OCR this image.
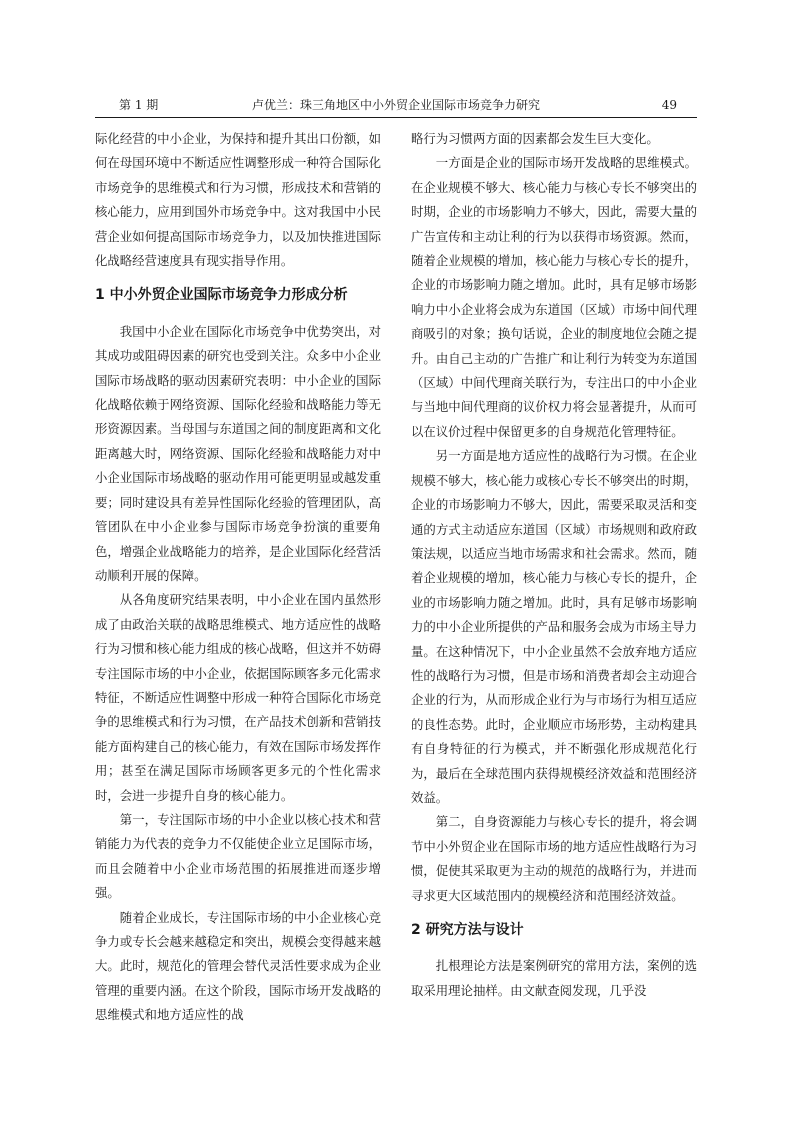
第 1 期	卢优兰：珠三角地区中小外贸企业国际市场竞争力研究	49

际化经营的中小企业，为保持和提升其出口份额，如何在母国环境中不断适应性调整形成一种符合国际化市场竞争的思维模式和行为习惯，形成技术和营销的核心能力，应用到国外市场竞争中。这对我国中小民营企业如何提高国际市场竞争力，以及加快推进国际化战略经营速度具有现实指导作用。

1 中小外贸企业国际市场竞争力形成分析

我国中小企业在国际化市场竞争中优势突出，对其成功或阻碍因素的研究也受到关注。众多中小企业国际市场战略的驱动因素研究表明：中小企业的国际化战略依赖于网络资源、国际化经验和战略能力等无形资源因素。当母国与东道国之间的制度距离和文化距离越大时，网络资源、国际化经验和战略能力对中小企业国际市场战略的驱动作用可能更明显或越发重要；同时建设具有差异性国际化经验的管理团队，高管团队在中小企业参与国际市场竞争扮演的重要角色，增强企业战略能力的培养，是企业国际化经营活动顺利开展的保障。

从各角度研究结果表明，中小企业在国内虽然形成了由政治关联的战略思维模式、地方适应性的战略行为习惯和核心能力组成的核心战略，但这并不妨碍专注国际市场的中小企业，依据国际顾客多元化需求特征，不断适应性调整中形成一种符合国际化市场竞争的思维模式和行为习惯，在产品技术创新和营销技能方面构建自己的核心能力，有效在国际市场发挥作用；甚至在满足国际市场顾客更多元的个性化需求时，会进一步提升自身的核心能力。

第一，专注国际市场的中小企业以核心技术和营销能力为代表的竞争力不仅能使企业立足国际市场，而且会随着中小企业市场范围的拓展推进而逐步增强。

随着企业成长，专注国际市场的中小企业核心竞争力或专长会越来越稳定和突出，规模会变得越来越大。此时，规范化的管理会替代灵活性要求成为企业管理的重要内涵。在这个阶段，国际市场开发战略的思维模式和地方适应性的战

略行为习惯两方面的因素都会发生巨大变化。

一方面是企业的国际市场开发战略的思维模式。在企业规模不够大、核心能力与核心专长不够突出的时期，企业的市场影响力不够大，因此，需要大量的广告宣传和主动让利的行为以获得市场资源。然而，随着企业规模的增加，核心能力与核心专长的提升，企业的市场影响力随之增加。此时，具有足够市场影响力中小企业将会成为东道国（区域）市场中间代理商吸引的对象；换句话说，企业的制度地位会随之提升。由自己主动的广告推广和让利行为转变为东道国（区域）中间代理商关联行为，专注出口的中小企业与当地中间代理商的议价权力将会显著提升，从而可以在议价过程中保留更多的自身规范化管理特征。

另一方面是地方适应性的战略行为习惯。在企业规模不够大，核心能力或核心专长不够突出的时期，企业的市场影响力不够大，因此，需要采取灵活和变通的方式主动适应东道国（区域）市场规则和政府政策法规，以适应当地市场需求和社会需求。然而，随着企业规模的增加，核心能力与核心专长的提升，企业的市场影响力随之增加。此时，具有足够市场影响力的中小企业所提供的产品和服务会成为市场主导力量。在这种情况下，中小企业虽然不会放弃地方适应性的战略行为习惯，但是市场和消费者却会主动迎合企业的行为，从而形成企业行为与市场行为相互适应的良性态势。此时，企业顺应市场形势，主动构建具有自身特征的行为模式，并不断强化形成规范化行为，最后在全球范围内获得规模经济效益和范围经济效益。

第二，自身资源能力与核心专长的提升，将会调节中小外贸企业在国际市场的地方适应性战略行为习惯，促使其采取更为主动的规范的战略行为，并进而寻求更大区域范围内的规模经济和范围经济效益。

2 研究方法与设计

扎根理论方法是案例研究的常用方法，案例的选取采用理论抽样。由文献查阅发现，几乎没
